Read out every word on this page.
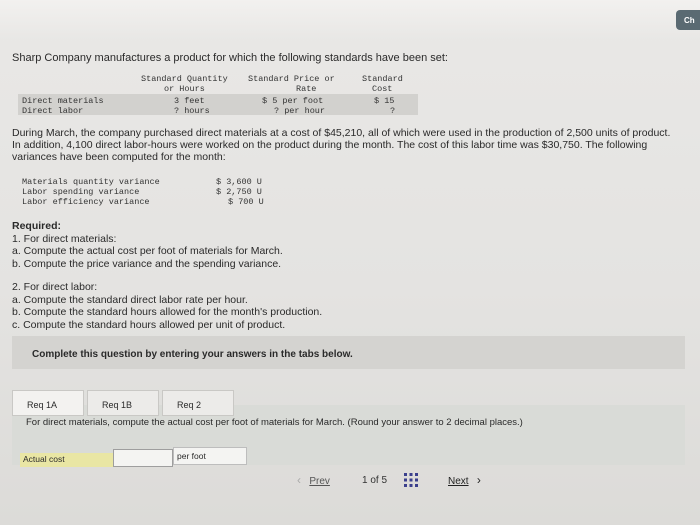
Ch
Sharp Company manufactures a product for which the following standards have been set:
Standard Quantity
or Hours
Standard Price or
Rate
Standard
Cost
Direct materials	3 feet	$ 5 per foot	$ 15
Direct labor	? hours	? per hour	?
During March, the company purchased direct materials at a cost of $45,210, all of which were used in the production of 2,500 units of product. In addition, 4,100 direct labor-hours were worked on the product during the month. The cost of this labor time was $30,750. The following variances have been computed for the month:
Materials quantity variance	$ 3,600 U
Labor spending variance	$ 2,750 U
Labor efficiency variance	$ 700 U
Required:
1. For direct materials:
a. Compute the actual cost per foot of materials for March.
b. Compute the price variance and the spending variance.
2. For direct labor:
a. Compute the standard direct labor rate per hour.
b. Compute the standard hours allowed for the month's production.
c. Compute the standard hours allowed per unit of product.
Complete this question by entering your answers in the tabs below.
For direct materials, compute the actual cost per foot of materials for March. (Round your answer to 2 decimal places.)
Actual cost	per foot
Req 1A	Req 1B	Req 2
‹ Prev	1 of 5	Next ›
